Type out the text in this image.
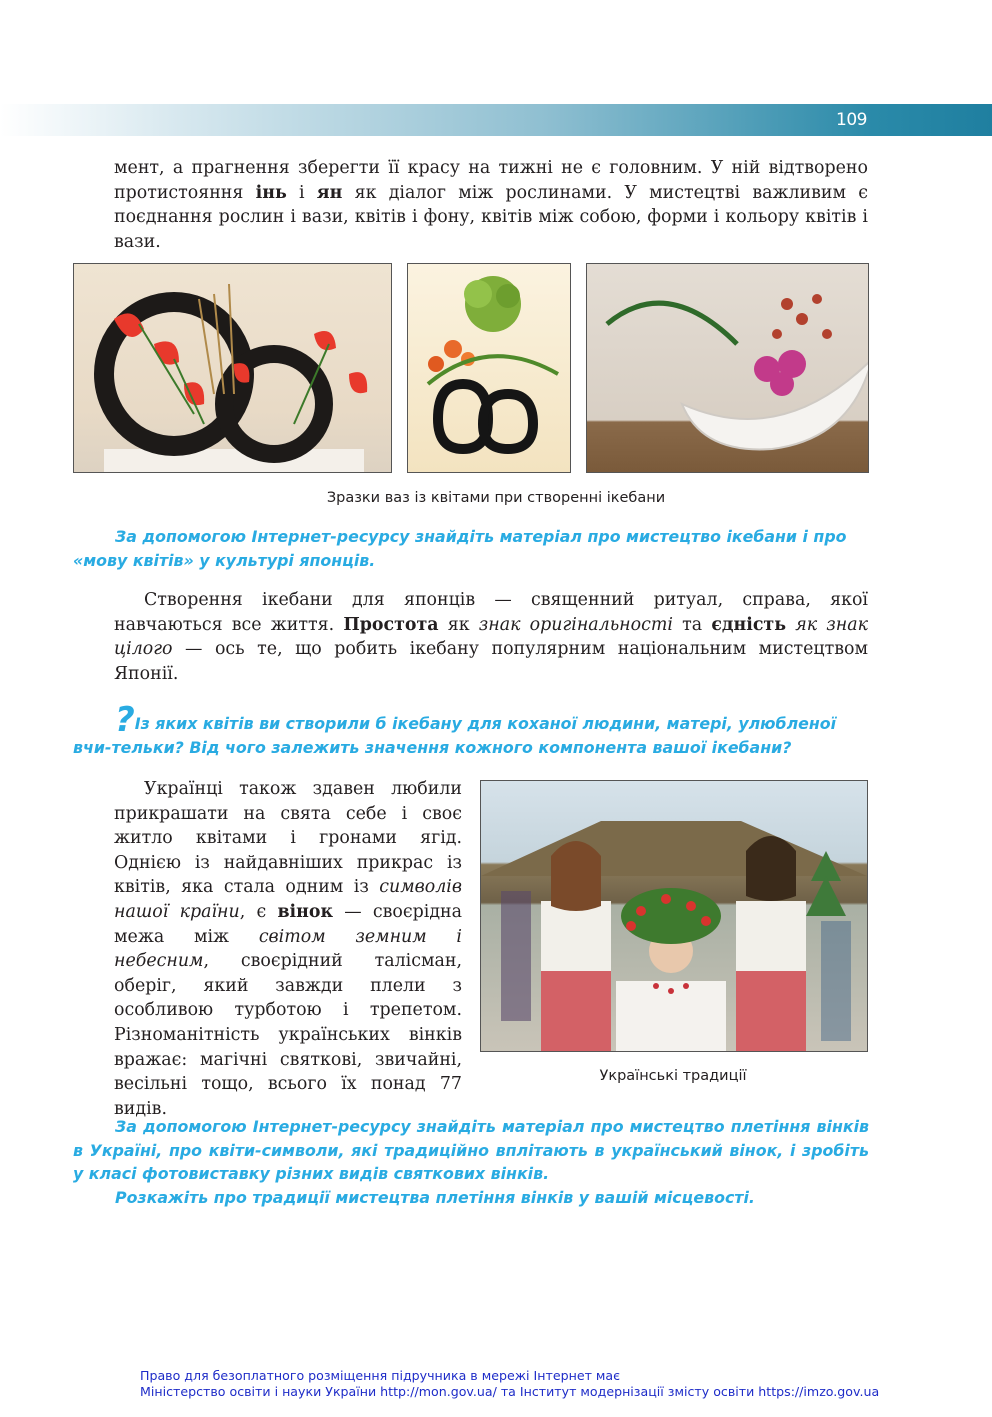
109

мент, а прагнення зберегти її красу на тижні не є головним. У ній відтворено протистояння інь і ян як діалог між рослинами. У мистецтві важливим є поєднання рослин і вази, квітів і фону, квітів між собою, форми і кольору квітів і вази.

Зразки ваз із квітами при створенні ікебани

За допомогою Інтернет-ресурсу знайдіть матеріал про мистецтво ікебани і про «мову квітів» у культурі японців.

Створення ікебани для японців — священний ритуал, справа, якої навчаються все життя. Простота як знак оригінальності та єдність як знак цілого — ось те, що робить ікебану популярним національним мистецтвом Японії.

?Із яких квітів ви створили б ікебану для коханої людини, матері, улюбленої вчи-тельки? Від чого залежить значення кожного компонента вашої ікебани?

Українці також здавен любили прикрашати на свята себе і своє житло квітами і гронами ягід. Однією із найдавніших прикрас із квітів, яка стала одним із символів нашої країни, є вінок — своєрідна межа між світом земним і небесним, своєрідний талісман, оберіг, який завжди плели з особливою турботою і трепетом. Різноманітність українських вінків вражає: магічні святкові, звичайні, весільні тощо, всього їх понад 77 видів.

Українські традиції

За допомогою Інтернет-ресурсу знайдіть матеріал про мистецтво плетіння вінків в Україні, про квіти-символи, які традиційно вплітають в український вінок, і зробіть у класі фотовиставку різних видів святкових вінків.

Розкажіть про традиції мистецтва плетіння вінків у вашій місцевості.

Право для безоплатного розміщення підручника в мережі Інтернет має
Міністерство освіти і науки України http://mon.gov.ua/ та Інститут модернізації змісту освіти https://imzo.gov.ua
